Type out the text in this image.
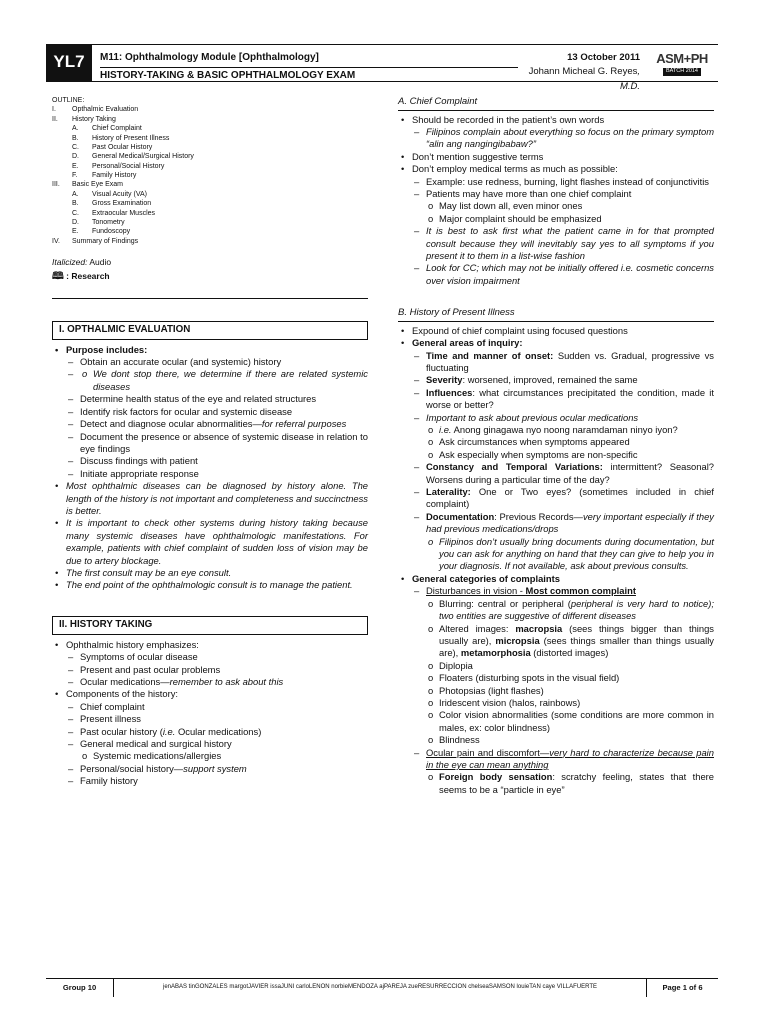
YL7	M11: Ophthalmology Module [Ophthalmology]
HISTORY-TAKING & BASIC OPHTHALMOLOGY EXAM
13 October 2011
Johann Micheal G. Reyes, M.D.
ASM+PH
BATCH 2014
OUTLINE:
I.	Opthalmic Evaluation
II.	History Taking
A.	Chief Complaint
B.	History of Present Illness
C.	Past Ocular History
D.	General Medical/Surgical History
E.	Personal/Social History
F.	Family History
III.	Basic Eye Exam
A.	Visual Acuity (VA)
B.	Gross Examination
C.	Extraocular Muscles
D.	Tonometry
E.	Fundoscopy
IV.	Summary of Findings
Italicized: Audio
🕮 : Research
I. OPTHALMIC EVALUATION
• Purpose includes:
– Obtain an accurate ocular (and systemic) history
o – We dont stop there, we determine if there are related systemic diseases
– Determine health status of the eye and related structures
– Identify risk factors for ocular and systemic disease
– Detect and diagnose ocular abnormalities—for referral purposes
– Document the presence or absence of systemic disease in relation to eye findings
– Discuss findings with patient
– Initiate appropriate response
• Most ophthalmic diseases can be diagnosed by history alone. The length of the history is not important and completeness and succinctness is better.
• It is important to check other systems during history taking because many systemic diseases have ophthalmologic manifestations. For example, patients with chief complaint of sudden loss of vision may be due to artery blockage.
• The first consult may be an eye consult.
• The end point of the ophthalmologic consult is to manage the patient.
II. HISTORY TAKING
• Ophthalmic history emphasizes:
– Symptoms of ocular disease
– Present and past ocular problems
– Ocular medications—remember to ask about this
• Components of the history:
– Chief complaint
– Present illness
– Past ocular history (i.e. Ocular medications)
– General medical and surgical history
o Systemic medications/allergies
– Personal/social history—support system
– Family history
A. Chief Complaint
• Should be recorded in the patient’s own words
– Filipinos complain about everything so focus on the primary symptom “alin ang nangingibabaw?”
• Don’t mention suggestive terms
• Don’t employ medical terms as much as possible:
– Example: use redness, burning, light flashes instead of conjunctivitis
– Patients may have more than one chief complaint
o May list down all, even minor ones
o Major complaint should be emphasized
– It is best to ask first what the patient came in for that prompted consult because they will inevitably say yes to all symptoms if you present it to them in a list-wise fashion
– Look for CC; which may not be initially offered i.e. cosmetic concerns over vision impairment
B. History of Present Illness
• Expound of chief complaint using focused questions
• General areas of inquiry:
– Time and manner of onset: Sudden vs. Gradual, progressive vs fluctuating
– Severity: worsened, improved, remained the same
– Influences: what circumstances precipitated the condition, made it worse or better?
– Important to ask about previous ocular medications
o i.e. Anong ginagawa nyo noong naramdaman ninyo iyon?
o Ask circumstances when symptoms appeared
o Ask especially when symptoms are non-specific
– Constancy and Temporal Variations: intermittent? Seasonal? Worsens during a particular time of the day?
– Laterality: One or Two eyes? (sometimes included in chief complaint)
– Documentation: Previous Records—very important especially if they had previous medications/drops
o Filipinos don’t usually bring documents during documentation, but you can ask for anything on hand that they can give to help you in your diagnosis. If not available, ask about previous consults.
• General categories of complaints
– Disturbances in vision - Most common complaint
o Blurring: central or peripheral (peripheral is very hard to notice); two entities are suggestive of different diseases
o Altered images: macropsia (sees things bigger than things usually are), micropsia (sees things smaller than things usually are), metamorphosia (distorted images)
o Diplopia
o Floaters (disturbing spots in the visual field)
o Photopsias (light flashes)
o Iridescent vision (halos, rainbows)
o Color vision abnormalities (some conditions are more common in males, ex: color blindness)
o Blindness
– Ocular pain and discomfort—very hard to characterize because pain in the eye can mean anything
o Foreign body sensation: scratchy feeling, states that there seems to be a “particle in eye”
Group 10	jenABAS tinGONZALES margotJAVIER issaJUNI carloLENON norbieMENDOZA ajPAREJA zueRESURRECCION chelseaSAMSON louieTAN caye VILLAFUERTE	Page 1 of 6
